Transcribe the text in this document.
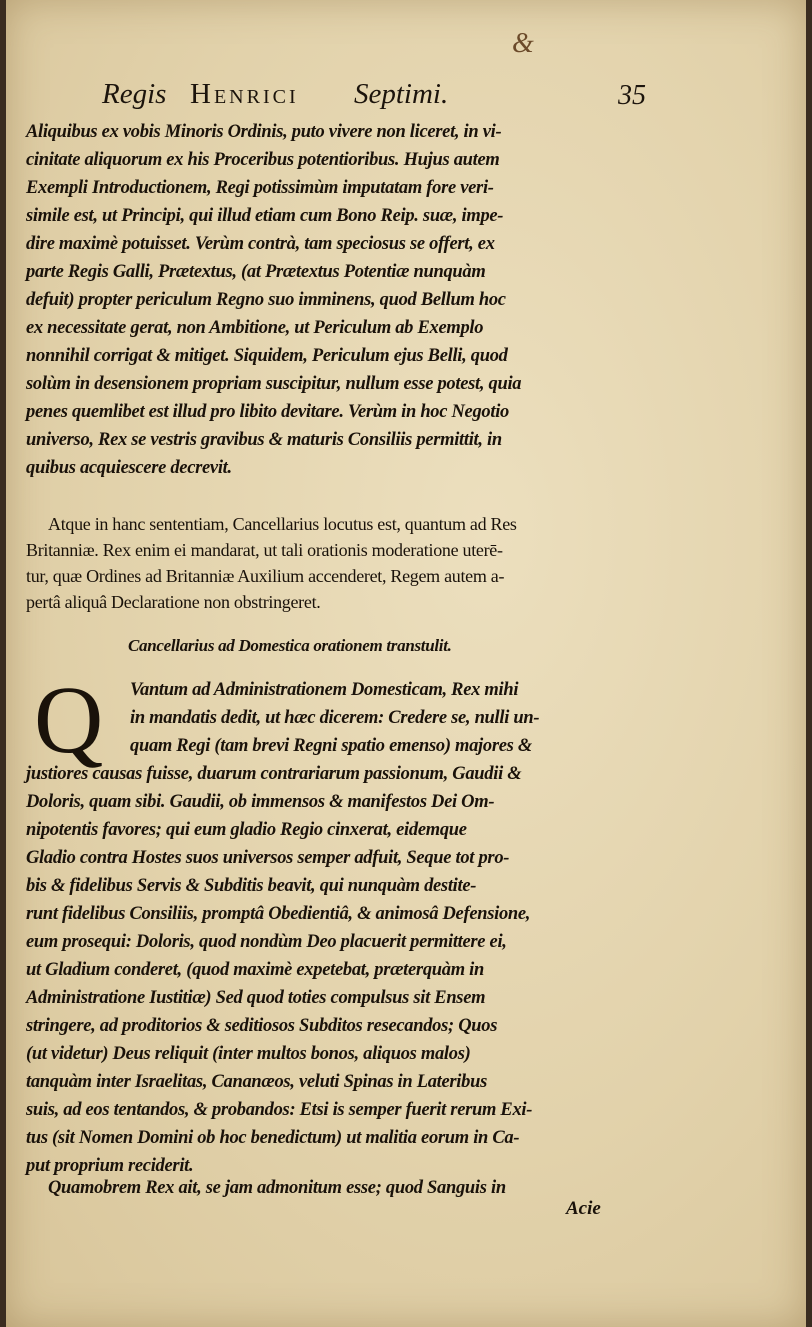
&
Regis Henrici Septimi.	35
Aliquibus ex vobis Minoris Ordinis, puto vivere non liceret, in vi-
cinitate aliquorum ex his Proceribus potentioribus. Hujus autem
Exempli Introductionem, Regi potissimùm imputatam fore veri-
simile est, ut Principi, qui illud etiam cum Bono Reip. suæ, impe-
dire maximè potuisset. Verùm contrà, tam speciosus se offert, ex
parte Regis Galli, Prætextus, (at Prætextus Potentiæ nunquàm
defuit) propter periculum Regno suo imminens, quod Bellum hoc
ex necessitate gerat, non Ambitione, ut Periculum ab Exemplo
nonnihil corrigat & mitiget. Siquidem, Periculum ejus Belli, quod
solùm in desensionem propriam suscipitur, nullum esse potest, quia
penes quemlibet est illud pro libito devitare. Verùm in hoc Negotio
universo, Rex se vestris gravibus & maturis Consiliis permittit, in
quibus acquiescere decrevit.
Atque in hanc sententiam, Cancellarius locutus est, quantum ad Res
Britanniæ. Rex enim ei mandarat, ut tali orationis moderatione uterē-
tur, quæ Ordines ad Britanniæ Auxilium accenderet, Regem autem a-
pertâ aliquâ Declaratione non obstringeret.
Cancellarius ad Domestica orationem transtulit.
Vantum ad Administrationem Domesticam, Rex mihi
in mandatis dedit, ut hæc dicerem: Credere se, nulli un-
quam Regi (tam brevi Regni spatio emenso) majores &
justiores causas fuisse, duarum contrariarum passionum, Gaudii &
Doloris, quam sibi. Gaudii, ob immensos & manifestos Dei Om-
nipotentis favores; qui eum gladio Regio cinxerat, eidemque
Gladio contra Hostes suos universos semper adfuit, Seque tot pro-
bis & fidelibus Servis & Subditis beavit, qui nunquàm destite-
runt fidelibus Consiliis, promptâ Obedientiâ, & animosâ Defensione,
eum prosequi: Doloris, quod nondùm Deo placuerit permittere ei,
ut Gladium conderet, (quod maximè expetebat, præterquàm in
Administratione Iustitiæ) Sed quod toties compulsus sit Ensem
stringere, ad proditorios & seditiosos Subditos resecandos; Quos
(ut videtur) Deus reliquit (inter multos bonos, aliquos malos)
tanquàm inter Israelitas, Cananæos, veluti Spinas in Lateribus
suis, ad eos tentandos, & probandos: Etsi is semper fuerit rerum Exi-
tus (sit Nomen Domini ob hoc benedictum) ut malitia eorum in Ca-
put proprium reciderit.
Quamobrem Rex ait, se jam admonitum esse; quod Sanguis in
Q
Acie
